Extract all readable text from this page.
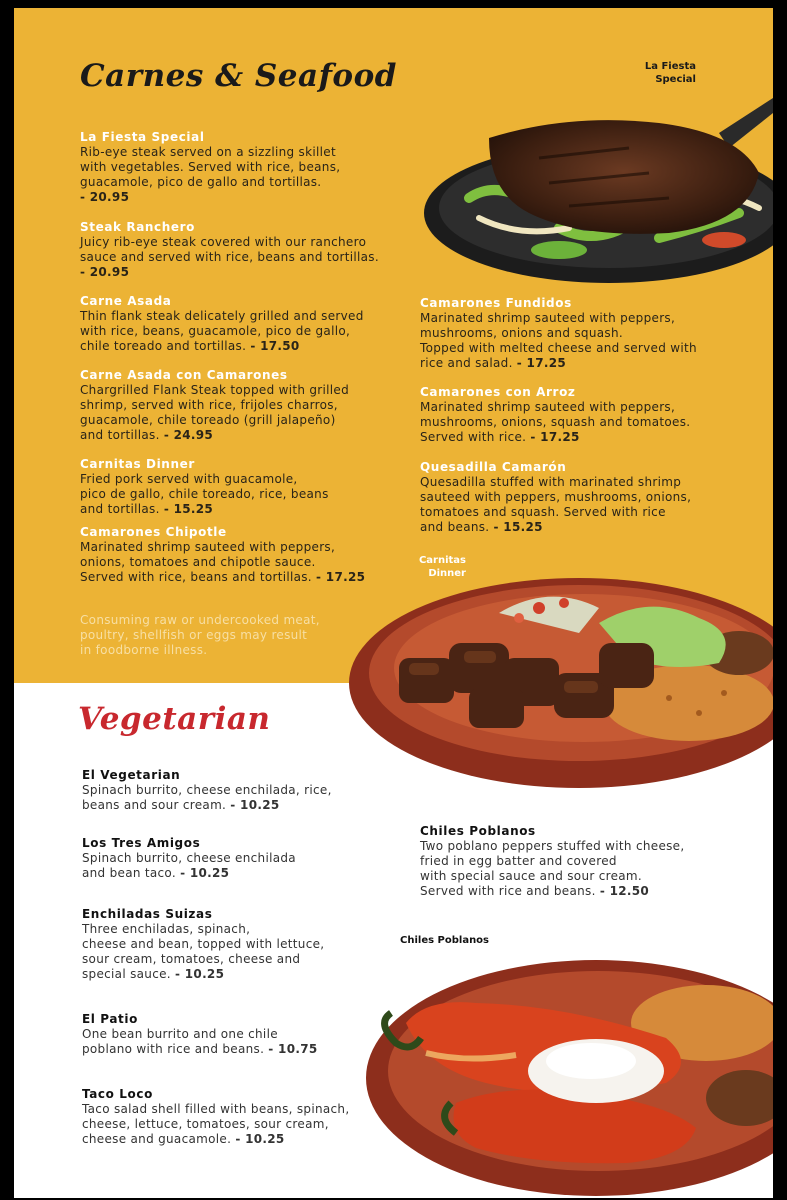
Carnes & Seafood	La Fiesta
Special
La Fiesta Special
Rib-eye steak served on a sizzling skillet
with vegetables. Served with rice, beans,
guacamole, pico de gallo and tortillas.
- 20.95
Steak Ranchero
Juicy rib-eye steak covered with our ranchero
sauce and served with rice, beans and tortillas.
- 20.95
Carne Asada
Thin flank steak delicately grilled and served
with rice, beans, guacamole, pico de gallo,
chile toreado and tortillas. - 17.50
Carne Asada con Camarones
Chargrilled Flank Steak topped with grilled
shrimp, served with rice, frijoles charros,
guacamole, chile toreado (grill jalapeño)
and tortillas. - 24.95
Carnitas Dinner
Fried pork served with guacamole,
pico de gallo, chile toreado, rice, beans
and tortillas. - 15.25
Camarones Chipotle
Marinated shrimp sauteed with peppers,
onions, tomatoes and chipotle sauce.
Served with rice, beans and tortillas. - 17.25
Camarones Fundidos
Marinated shrimp sauteed with peppers,
mushrooms, onions and squash.
Topped with melted cheese and served with
rice and salad. - 17.25
Camarones con Arroz
Marinated shrimp sauteed with peppers,
mushrooms, onions, squash and tomatoes.
Served with rice. - 17.25
Quesadilla Camarón
Quesadilla stuffed with marinated shrimp
sauteed with peppers, mushrooms, onions,
tomatoes and squash. Served with rice
and beans. - 15.25
Carnitas
Dinner
Consuming raw or undercooked meat,
poultry, shellfish or eggs may result
in foodborne illness.
Vegetarian
El Vegetarian
Spinach burrito, cheese enchilada, rice,
beans and sour cream. - 10.25
Los Tres Amigos
Spinach burrito, cheese enchilada
and bean taco. - 10.25
Enchiladas Suizas
Three enchiladas, spinach,
cheese and bean, topped with lettuce,
sour cream, tomatoes, cheese and
special sauce. - 10.25
El Patio
One bean burrito and one chile
poblano with rice and beans. - 10.75
Taco Loco
Taco salad shell filled with beans, spinach,
cheese, lettuce, tomatoes, sour cream,
cheese and guacamole. - 10.25
Chiles Poblanos
Two poblano peppers stuffed with cheese,
fried in egg batter and covered
with special sauce and sour cream.
Served with rice and beans. - 12.50
Chiles Poblanos
